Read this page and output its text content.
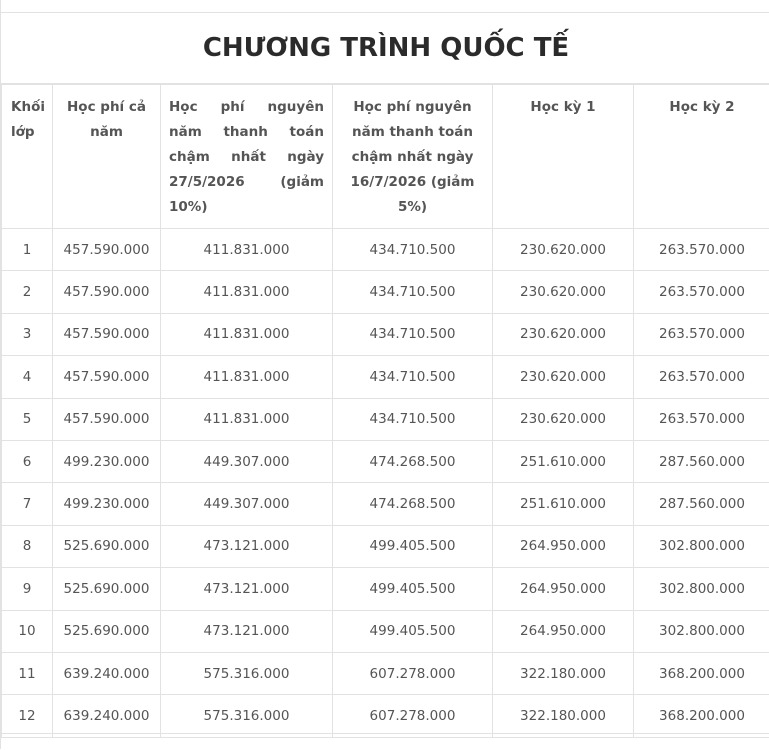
CHƯƠNG TRÌNH QUỐC TẾ
Khối lớp	Học phí cả năm	Học phí nguyên năm thanh toán chậm nhất ngày 27/5/2026 (giảm 10%)	Học phí nguyên năm thanh toán chậm nhất ngày 16/7/2026 (giảm 5%)	Học kỳ 1	Học kỳ 2
1	457.590.000	411.831.000	434.710.500	230.620.000	263.570.000
2	457.590.000	411.831.000	434.710.500	230.620.000	263.570.000
3	457.590.000	411.831.000	434.710.500	230.620.000	263.570.000
4	457.590.000	411.831.000	434.710.500	230.620.000	263.570.000
5	457.590.000	411.831.000	434.710.500	230.620.000	263.570.000
6	499.230.000	449.307.000	474.268.500	251.610.000	287.560.000
7	499.230.000	449.307.000	474.268.500	251.610.000	287.560.000
8	525.690.000	473.121.000	499.405.500	264.950.000	302.800.000
9	525.690.000	473.121.000	499.405.500	264.950.000	302.800.000
10	525.690.000	473.121.000	499.405.500	264.950.000	302.800.000
11	639.240.000	575.316.000	607.278.000	322.180.000	368.200.000
12	639.240.000	575.316.000	607.278.000	322.180.000	368.200.000
